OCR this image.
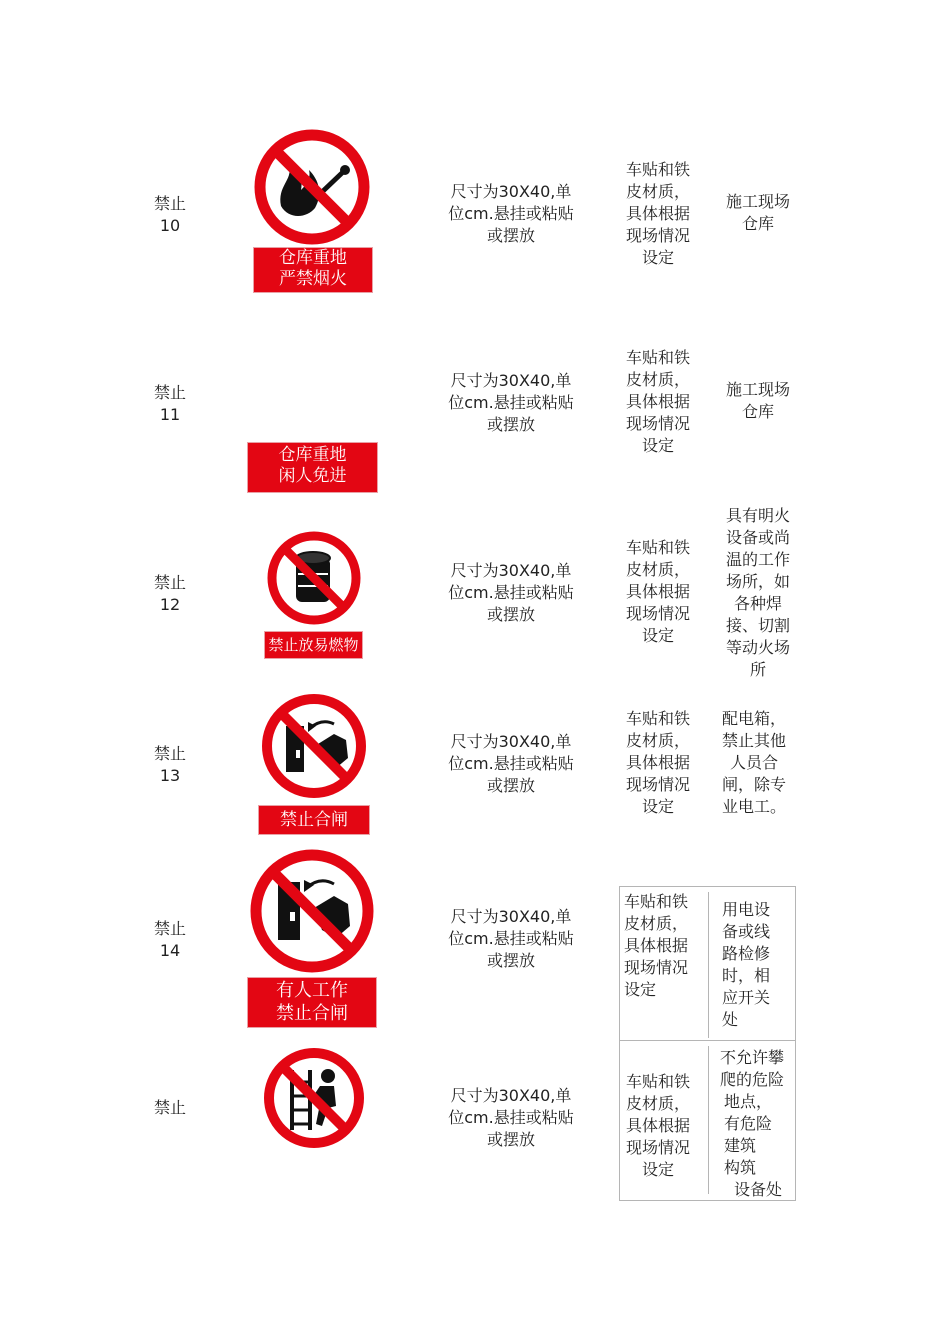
禁止
10
仓库重地
严禁烟火
尺寸为30X40,单
位cm.悬挂或粘贴
或摆放
车贴和铁
皮材质，
具体根据
现场情况
设定
施工现场
仓库
禁止
11
仓库重地
闲人免进
尺寸为30X40,单
位cm.悬挂或粘贴
或摆放
车贴和铁
皮材质，
具体根据
现场情况
设定
施工现场
仓库
禁止
12
禁止放易燃物
尺寸为30X40,单
位cm.悬挂或粘贴
或摆放
车贴和铁
皮材质，
具体根据
现场情况
设定
具有明火
设备或尚
温的工作
场所，如
各种焊
接、切割
等动火场
所
禁止
13
禁止合闸
尺寸为30X40,单
位cm.悬挂或粘贴
或摆放
车贴和铁
皮材质，
具体根据
现场情况
设定
配电箱，
禁止其他
人员合
闸，除专
业电工。
禁止
14
有人工作
禁止合闸
尺寸为30X40,单
位cm.悬挂或粘贴
或摆放
车贴和铁
皮材质，
具体根据
现场情况
设定
用电设
备或线
路检修
时，相
应开关
处
禁止
尺寸为30X40,单
位cm.悬挂或粘贴
或摆放
车贴和铁
皮材质，
具体根据
现场情况
设定
不允许攀
爬的危险
地点，
有危险
建筑
构筑
设备处
